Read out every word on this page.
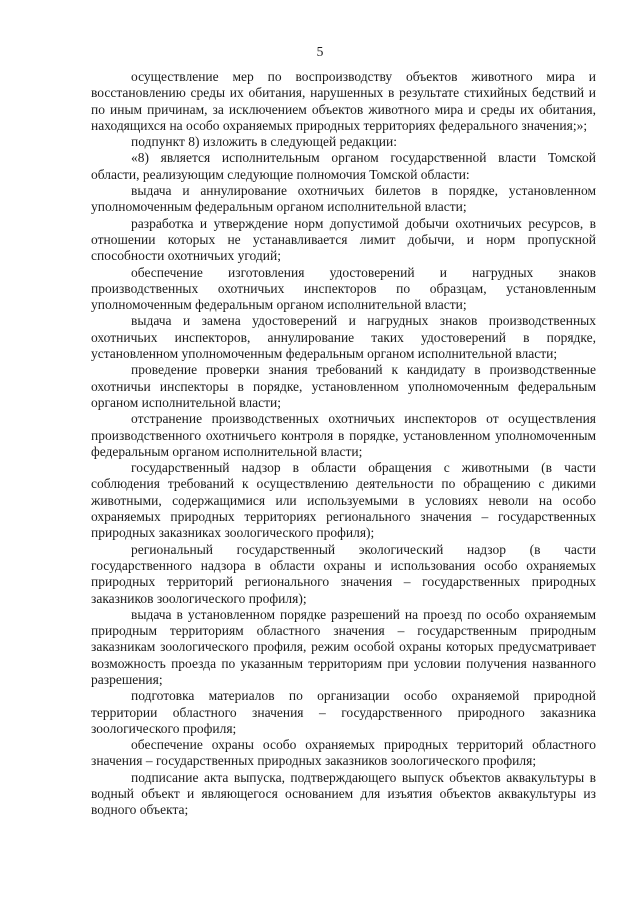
5

осуществление мер по воспроизводству объектов животного мира и восстановлению среды их обитания, нарушенных в результате стихийных бедствий и по иным причинам, за исключением объектов животного мира и среды их обитания, находящихся на особо охраняемых природных территориях федерального значения;»;

подпункт 8) изложить в следующей редакции:

«8) является исполнительным органом государственной власти Томской области, реализующим следующие полномочия Томской области:

выдача и аннулирование охотничьих билетов в порядке, установленном уполномоченным федеральным органом исполнительной власти;

разработка и утверждение норм допустимой добычи охотничьих ресурсов, в отношении которых не устанавливается лимит добычи, и норм пропускной способности охотничьих угодий;

обеспечение изготовления удостоверений и нагрудных знаков производственных охотничьих инспекторов по образцам, установленным уполномоченным федеральным органом исполнительной власти;

выдача и замена удостоверений и нагрудных знаков производственных охотничьих инспекторов, аннулирование таких удостоверений в порядке, установленном уполномоченным федеральным органом исполнительной власти;

проведение проверки знания требований к кандидату в производственные охотничьи инспекторы в порядке, установленном уполномоченным федеральным органом исполнительной власти;

отстранение производственных охотничьих инспекторов от осуществления производственного охотничьего контроля в порядке, установленном уполномоченным федеральным органом исполнительной власти;

государственный надзор в области обращения с животными (в части соблюдения требований к осуществлению деятельности по обращению с дикими животными, содержащимися или используемыми в условиях неволи на особо охраняемых природных территориях регионального значения – государственных природных заказниках зоологического профиля);

региональный государственный экологический надзор (в части государственного надзора в области охраны и использования особо охраняемых природных территорий регионального значения – государственных природных заказников зоологического профиля);

выдача в установленном порядке разрешений на проезд по особо охраняемым природным территориям областного значения – государственным природным заказникам зоологического профиля, режим особой охраны которых предусматривает возможность проезда по указанным территориям при условии получения названного разрешения;

подготовка материалов по организации особо охраняемой природной территории областного значения – государственного природного заказника зоологического профиля;

обеспечение охраны особо охраняемых природных территорий областного значения – государственных природных заказников зоологического профиля;

подписание акта выпуска, подтверждающего выпуск объектов аквакультуры в водный объект и являющегося основанием для изъятия объектов аквакультуры из водного объекта;
